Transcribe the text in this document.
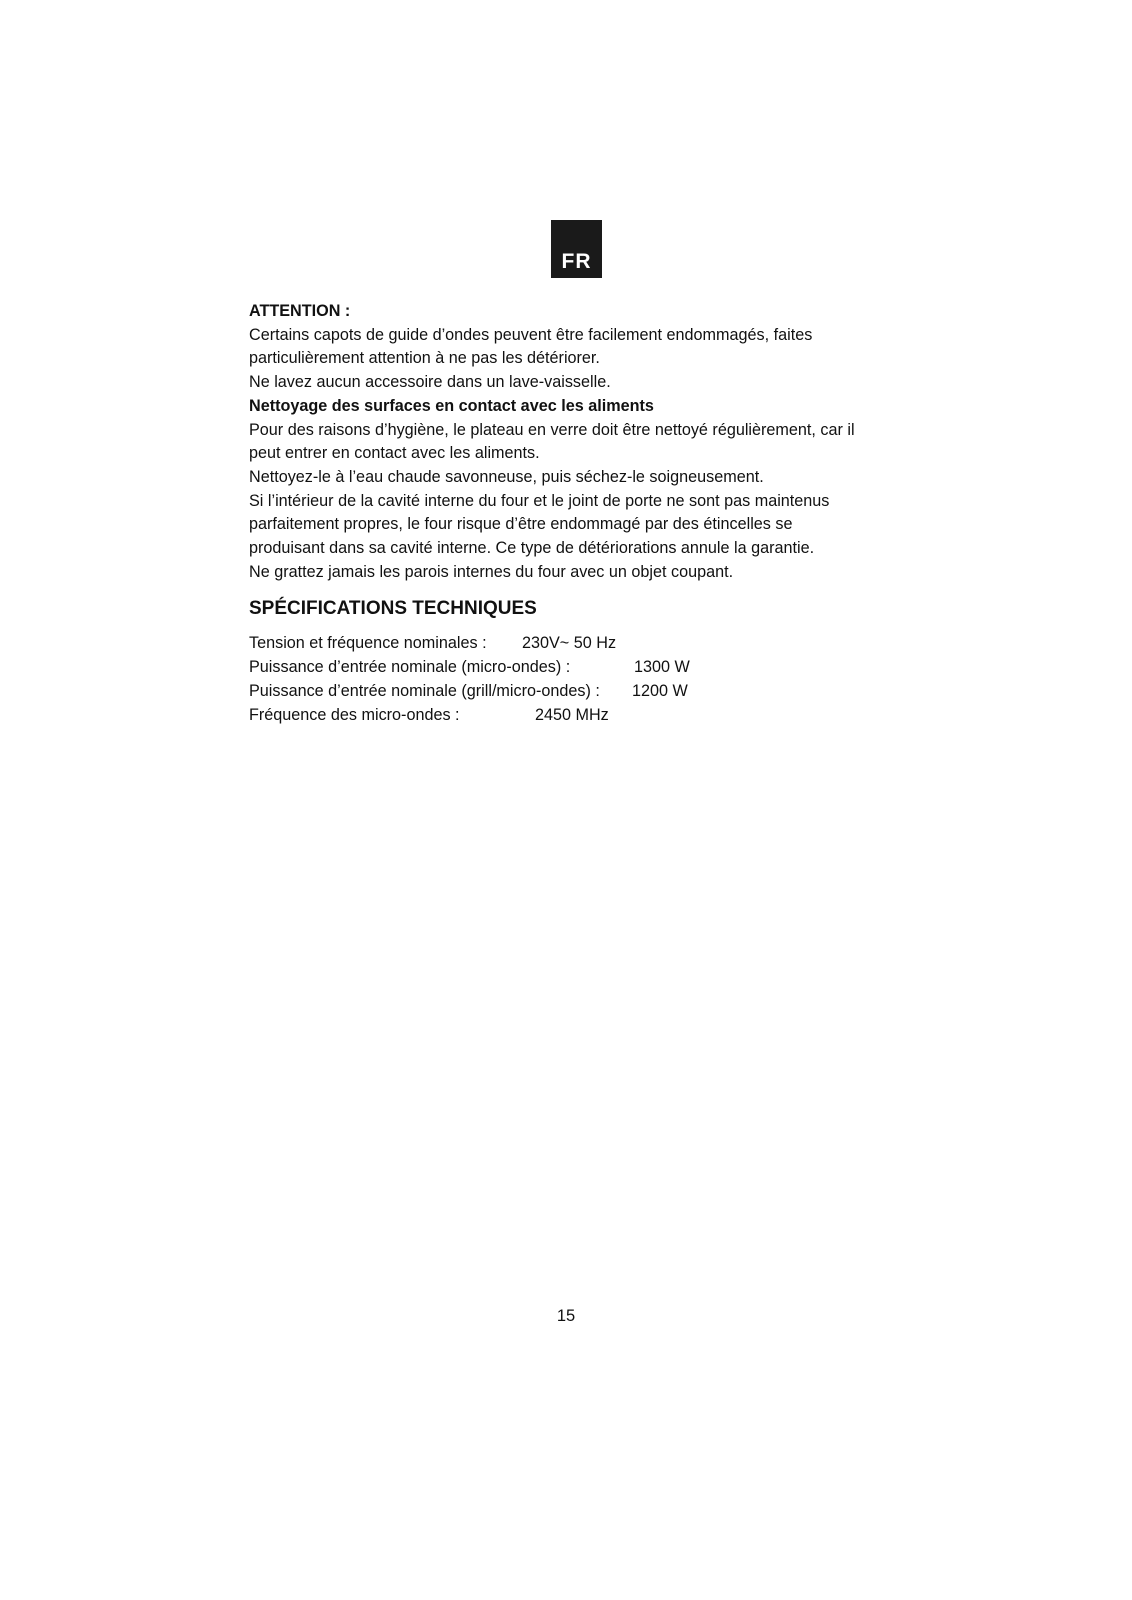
FR

ATTENTION :

Certains capots de guide d’ondes peuvent être facilement endommagés, faites

particulièrement attention à ne pas les détériorer.

Ne lavez aucun accessoire dans un lave-vaisselle.

Nettoyage des surfaces en contact avec les aliments

Pour des raisons d’hygiène, le plateau en verre doit être nettoyé régulièrement, car il

peut entrer en contact avec les aliments.

Nettoyez-le à l’eau chaude savonneuse, puis séchez-le soigneusement.

Si l’intérieur de la cavité interne du four et le joint de porte ne sont pas maintenus

parfaitement propres, le four risque d’être endommagé par des étincelles se

produisant dans sa cavité interne. Ce type de détériorations annule la garantie.

Ne grattez jamais les parois internes du four avec un objet coupant.

SPÉCIFICATIONS TECHNIQUES

Tension et fréquence nominales : 230V~ 50 Hz
Puissance d’entrée nominale (micro-ondes) :	1300 W
Puissance d’entrée nominale (grill/micro-ondes) : 1200 W
Fréquence des micro-ondes :	2450 MHz
15
